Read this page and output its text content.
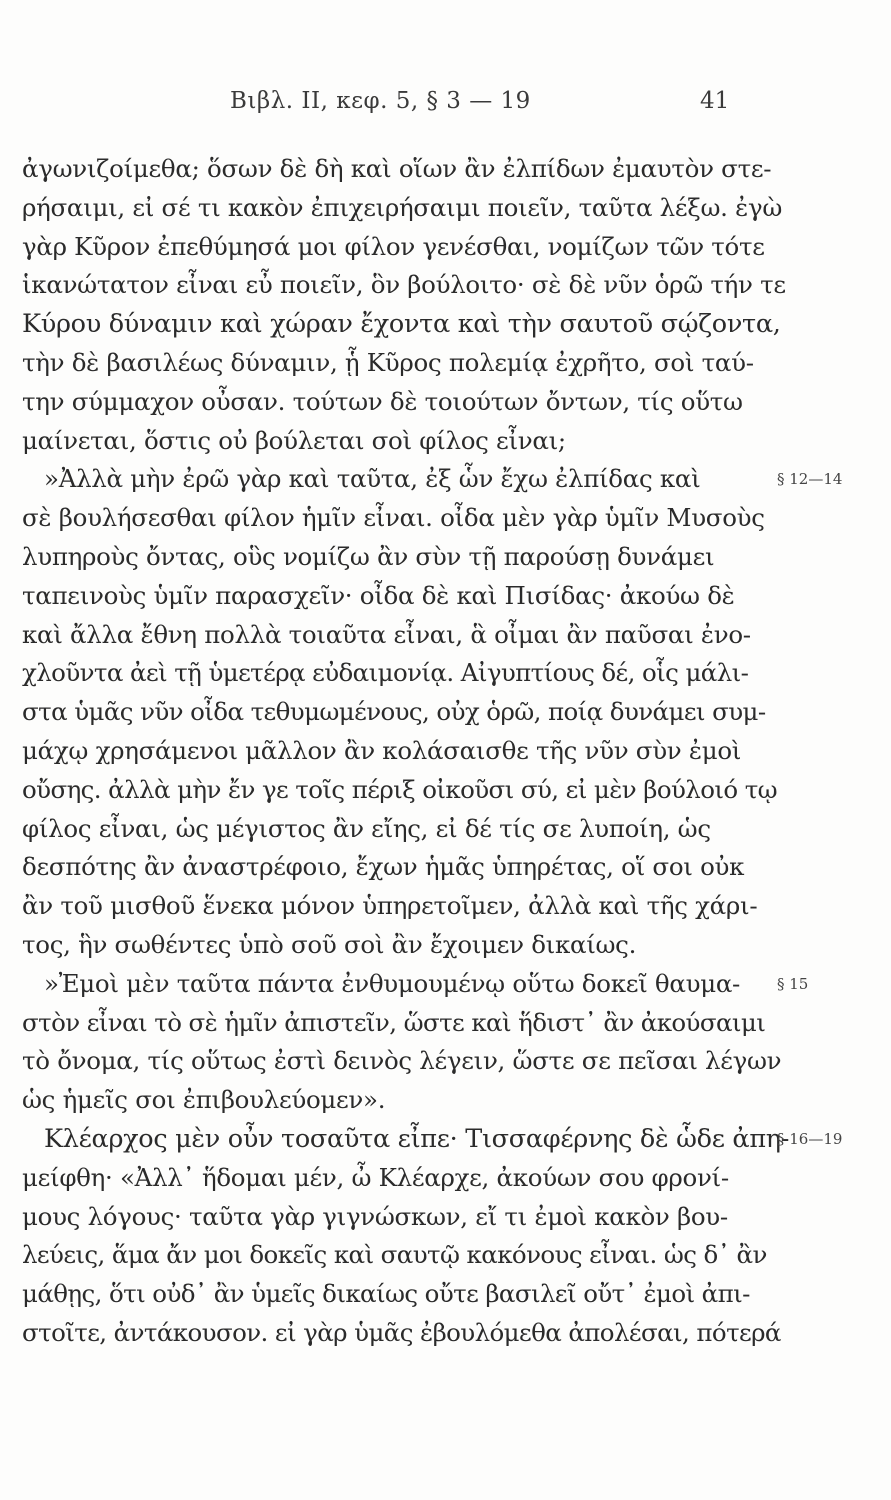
Βιβλ. II, κεφ. 5, § 3 — 19	41
ἀγωνιζοίμεθα; ὅσων δὲ δὴ καὶ οἵων ἂν ἐλπίδων ἐμαυτὸν στε-
ρήσαιμι, εἰ σέ τι κακὸν ἐπιχειρήσαιμι ποιεῖν, ταῦτα λέξω. ἐγὼ
γὰρ Κῦρον ἐπεθύμησά μοι φίλον γενέσθαι, νομίζων τῶν τότε
ἱκανώτατον εἶναι εὖ ποιεῖν, ὃν βούλοιτο· σὲ δὲ νῦν ὁρῶ τήν τε
Κύρου δύναμιν καὶ χώραν ἔχοντα καὶ τὴν σαυτοῦ σῴζοντα,
τὴν δὲ βασιλέως δύναμιν, ᾗ Κῦρος πολεμίᾳ ἐχρῆτο, σοὶ ταύ-
την σύμμαχον οὖσαν. τούτων δὲ τοιούτων ὄντων, τίς οὕτω
μαίνεται, ὅστις οὐ βούλεται σοὶ φίλος εἶναι;
»Ἀλλὰ μὴν ἐρῶ γὰρ καὶ ταῦτα, ἐξ ὧν ἔχω ἐλπίδας καὶ	§ 12—14
σὲ βουλήσεσθαι φίλον ἡμῖν εἶναι. οἶδα μὲν γὰρ ὑμῖν Μυσοὺς
λυπηροὺς ὄντας, οὓς νομίζω ἂν σὺν τῇ παρούσῃ δυνάμει
ταπεινοὺς ὑμῖν παρασχεῖν· οἶδα δὲ καὶ Πισίδας· ἀκούω δὲ
καὶ ἄλλα ἔθνη πολλὰ τοιαῦτα εἶναι, ἃ οἶμαι ἂν παῦσαι ἐνο-
χλοῦντα ἀεὶ τῇ ὑμετέρᾳ εὐδαιμονίᾳ. Αἰγυπτίους δέ, οἷς μάλι-
στα ὑμᾶς νῦν οἶδα τεθυμωμένους, οὐχ ὁρῶ, ποίᾳ δυνάμει συμ-
μάχῳ χρησάμενοι μᾶλλον ἂν κολάσαισθε τῆς νῦν σὺν ἐμοὶ
οὔσης. ἀλλὰ μὴν ἔν γε τοῖς πέριξ οἰκοῦσι σύ, εἰ μὲν βούλοιό τῳ
φίλος εἶναι, ὡς μέγιστος ἂν εἴης, εἰ δέ τίς σε λυποίη, ὡς
δεσπότης ἂν ἀναστρέφοιο, ἔχων ἡμᾶς ὑπηρέτας, οἵ σοι οὐκ
ἂν τοῦ μισθοῦ ἕνεκα μόνον ὑπηρετοῖμεν, ἀλλὰ καὶ τῆς χάρι-
τος, ἣν σωθέντες ὑπὸ σοῦ σοὶ ἂν ἔχοιμεν δικαίως.
»Ἐμοὶ μὲν ταῦτα πάντα ἐνθυμουμένῳ οὕτω δοκεῖ θαυμα- § 15
στὸν εἶναι τὸ σὲ ἡμῖν ἀπιστεῖν, ὥστε καὶ ἥδιστ᾽ ἂν ἀκούσαιμι
τὸ ὄνομα, τίς οὕτως ἐστὶ δεινὸς λέγειν, ὥστε σε πεῖσαι λέγων
ὡς ἡμεῖς σοι ἐπιβουλεύομεν».
Κλέαρχος μὲν οὖν τοσαῦτα εἶπε· Τισσαφέρνης δὲ ὧδε ἀπη-
§ 16—19
μείφθη· «Ἀλλ᾽ ἥδομαι μέν, ὦ Κλέαρχε, ἀκούων σου φρονί-
μους λόγους· ταῦτα γὰρ γιγνώσκων, εἴ τι ἐμοὶ κακὸν βου-
λεύεις, ἅμα ἄν μοι δοκεῖς καὶ σαυτῷ κακόνους εἶναι. ὡς δ᾽ ἂν
μάθῃς, ὅτι οὐδ᾽ ἂν ὑμεῖς δικαίως οὔτε βασιλεῖ οὔτ᾽ ἐμοὶ ἀπι-
στοῖτε, ἀντάκουσον. εἰ γὰρ ὑμᾶς ἐβουλόμεθα ἀπολέσαι, πότερά
